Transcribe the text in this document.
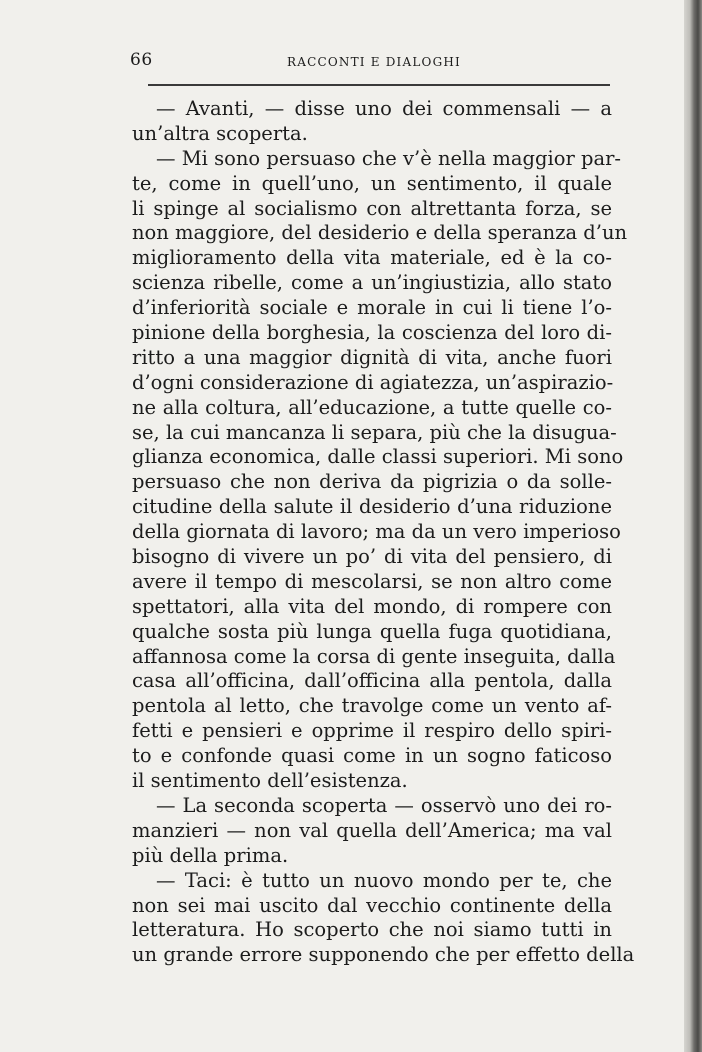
66	RACCONTI E DIALOGHI
— Avanti, — disse uno dei commensali — a
un’altra scoperta.
— Mi sono persuaso che v’è nella maggior par-
te, come in quell’uno, un sentimento, il quale
li spinge al socialismo con altrettanta forza, se
non maggiore, del desiderio e della speranza d’un
miglioramento della vita materiale, ed è la co-
scienza ribelle, come a un’ingiustizia, allo stato
d’inferiorità sociale e morale in cui li tiene l’o-
pinione della borghesia, la coscienza del loro di-
ritto a una maggior dignità di vita, anche fuori
d’ogni considerazione di agiatezza, un’aspirazio-
ne alla coltura, all’educazione, a tutte quelle co-
se, la cui mancanza li separa, più che la disugua-
glianza economica, dalle classi superiori. Mi sono
persuaso che non deriva da pigrizia o da solle-
citudine della salute il desiderio d’una riduzione
della giornata di lavoro; ma da un vero imperioso
bisogno di vivere un po’ di vita del pensiero, di
avere il tempo di mescolarsi, se non altro come
spettatori, alla vita del mondo, di rompere con
qualche sosta più lunga quella fuga quotidiana,
affannosa come la corsa di gente inseguita, dalla
casa all’officina, dall’officina alla pentola, dalla
pentola al letto, che travolge come un vento af-
fetti e pensieri e opprime il respiro dello spiri-
to e confonde quasi come in un sogno faticoso
il sentimento dell’esistenza.
— La seconda scoperta — osservò uno dei ro-
manzieri — non val quella dell’America; ma val
più della prima.
— Taci: è tutto un nuovo mondo per te, che
non sei mai uscito dal vecchio continente della
letteratura. Ho scoperto che noi siamo tutti in
un grande errore supponendo che per effetto della
